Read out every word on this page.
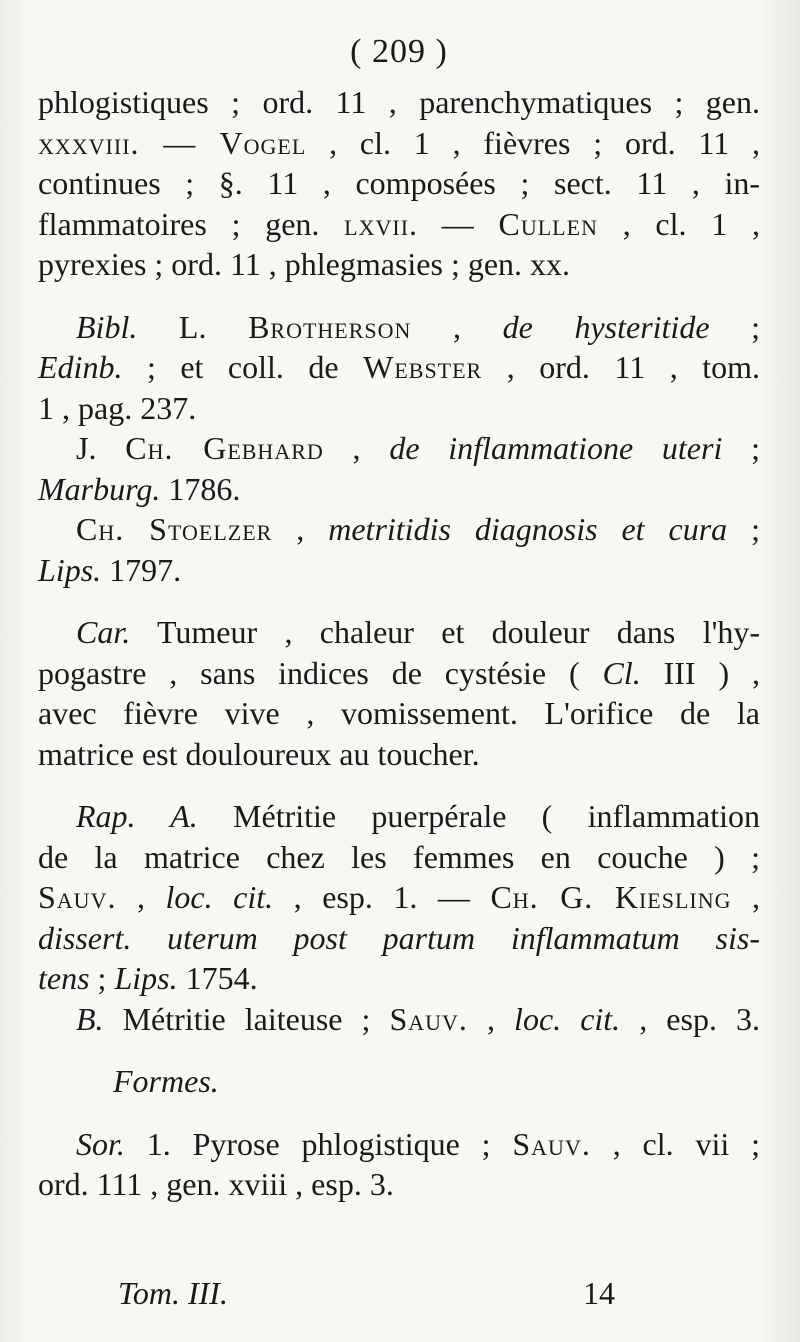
( 209 )
phlogistiques ; ord. 11 , parenchymatiques ; gen.
xxxviii. — Vogel , cl. 1 , fièvres ; ord. 11 ,
continues ; §. 11 , composées ; sect. 11 , in-
flammatoires ; gen. lxvii. — Cullen , cl. 1 ,
pyrexies ; ord. 11 , phlegmasies ; gen. xx.
Bibl. L. Brotherson , de hysteritide ;
Edinb. ; et coll. de Webster , ord. 11 , tom.
1 , pag. 237.
J. Ch. Gebhard , de inflammatione uteri ;
Marburg. 1786.
Ch. Stoelzer , metritidis diagnosis et cura ;
Lips. 1797.
Car. Tumeur , chaleur et douleur dans l'hy-
pogastre , sans indices de cystésie ( Cl. III ) ,
avec fièvre vive , vomissement. L'orifice de la
matrice est douloureux au toucher.
Rap. A. Métritie puerpérale ( inflammation
de la matrice chez les femmes en couche ) ;
Sauv. , loc. cit. , esp. 1. — Ch. G. Kiesling ,
dissert. uterum post partum inflammatum sis-
tens ; Lips. 1754.
B. Métritie laiteuse ; Sauv. , loc. cit. , esp. 3.
Formes.
Sor. 1. Pyrose phlogistique ; Sauv. , cl. vii ;
ord. 111 , gen. xviii , esp. 3.
Tom. III.	14
